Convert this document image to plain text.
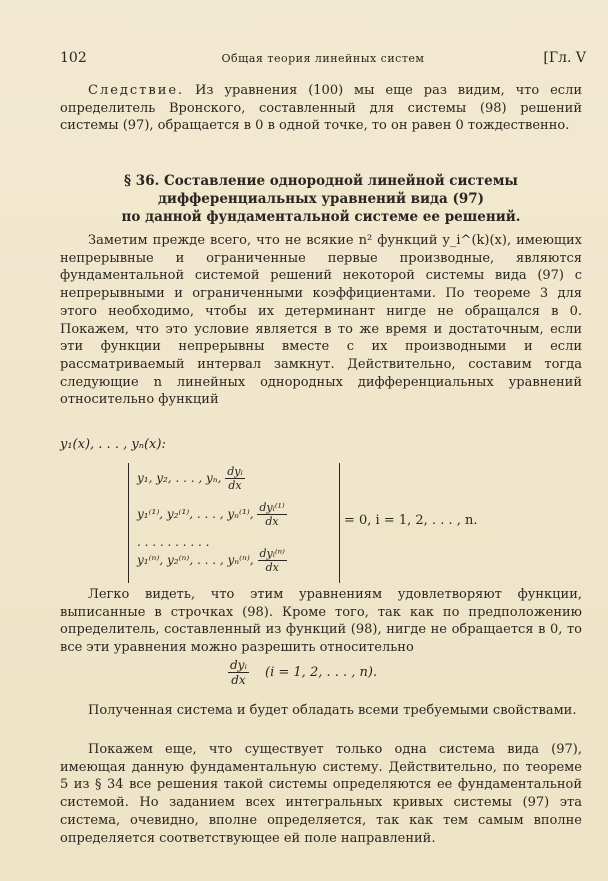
102	Общая теория линейных систем	[Гл. V

Следствие. Из уравнения (100) мы еще раз видим, что если определитель Вронского, составленный для системы (98) решений системы (97), обращается в 0 в одной точке, то он равен 0 тождественно.

§ 36. Составление однородной линейной системы
дифференциальных уравнений вида (97)
по данной фундаментальной системе ее решений.

Заметим прежде всего, что не всякие n² функций y_i^(k)(x), имеющих непрерывные и ограниченные первые производные, являются фундаментальной системой решений некоторой системы вида (97) с непрерывными и ограниченными коэффициентами. По теореме 3 для этого необходимо, чтобы их детерминант нигде не обращался в 0. Покажем, что это условие является в то же время и достаточным, если эти функции непрерывны вместе с их производными и если рассматриваемый интервал замкнут. Действительно, составим тогда следующие n линейных однородных дифференциальных уравнений относительно функций

y₁(x), . . . , yₙ(x):
y₁, y₂, . . . , yₙ, $\frac{\text{dyᵢ}}{dx}$
y₁⁽¹⁾, y₂⁽¹⁾, . . . , yₙ⁽¹⁾, $\frac{\text{dyᵢ⁽¹⁾}}{dx}$
. . . . . . . . . .
y₁⁽ⁿ⁾, y₂⁽ⁿ⁾, . . . , yₙ⁽ⁿ⁾, $\frac{\text{dyᵢ⁽ⁿ⁾}}{dx}$
= 0, i = 1, 2, . . . , n.

Легко видеть, что этим уравнениям удовлетворяют функции, выписанные в строчках (98). Кроме того, так как по предположению определитель, составленный из функций (98), нигде не обращается в 0, то все эти уравнения можно разрешить относительно

$\frac{\text{dyᵢ}}{dx} (i = 1$, 2, . . . , n).

Полученная система и будет обладать всеми требуемыми свойствами.

Покажем еще, что существует только одна система вида (97), имеющая данную фундаментальную систему. Действительно, по теореме 5 из § 34 все решения такой системы определяются ее фундаментальной системой. Но заданием всех интегральных кривых системы (97) эта система, очевидно, вполне определяется, так как тем самым вполне определяется соответствующее ей поле направлений.
